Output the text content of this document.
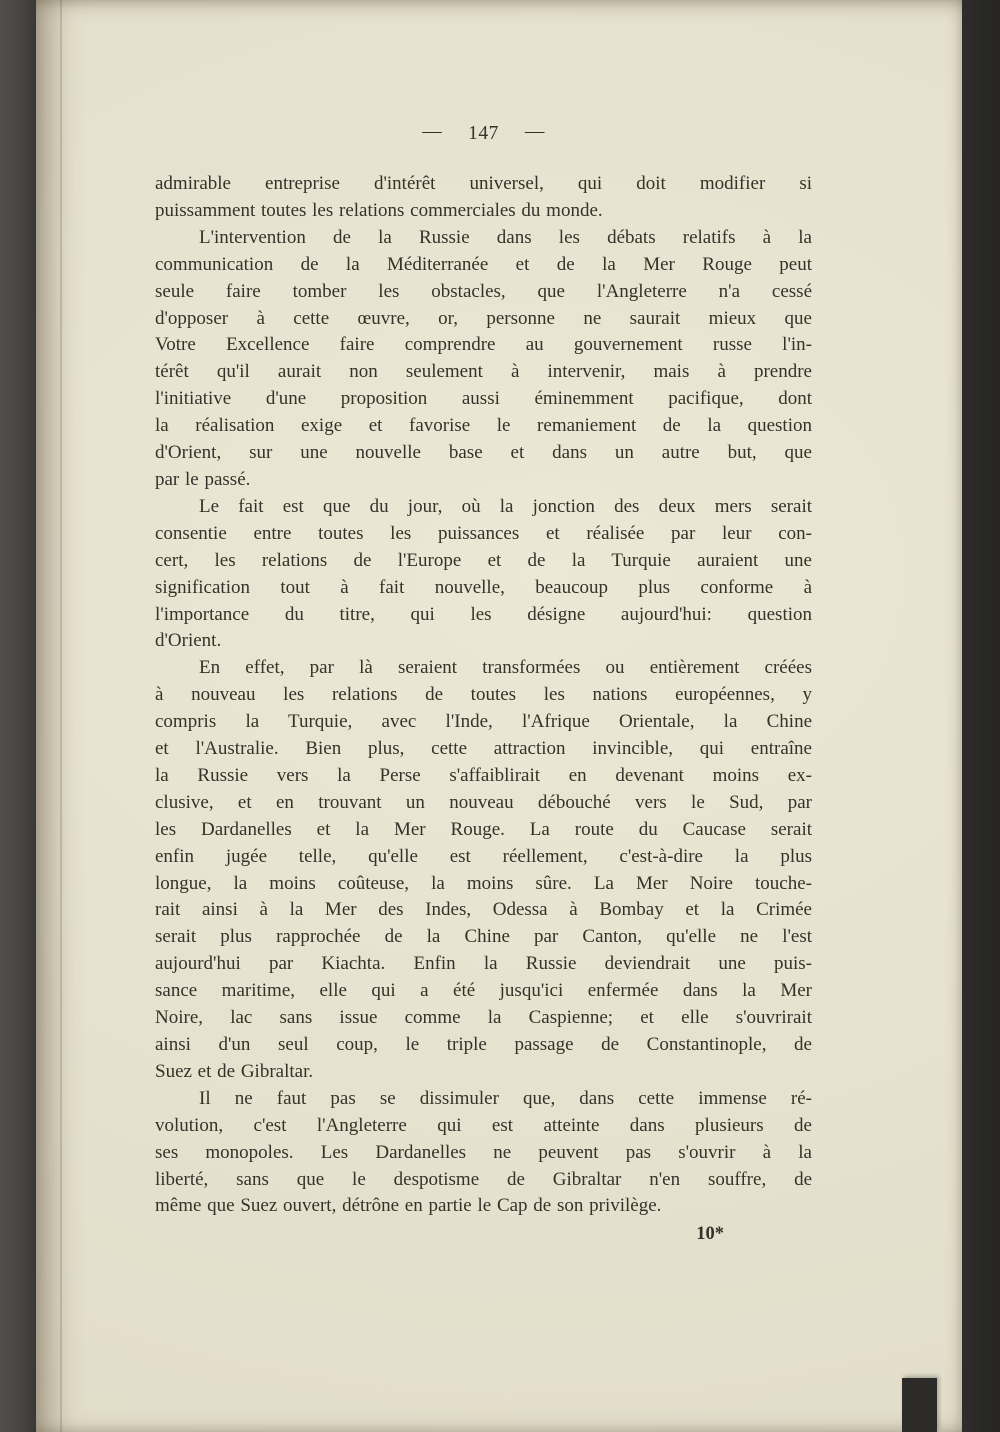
— 147 —
admirable entreprise d'intérêt universel, qui doit modifier si
puissamment toutes les relations commerciales du monde.
L'intervention de la Russie dans les débats relatifs à la
communication de la Méditerranée et de la Mer Rouge peut
seule faire tomber les obstacles, que l'Angleterre n'a cessé
d'opposer à cette œuvre, or, personne ne saurait mieux que
Votre Excellence faire comprendre au gouvernement russe l'in-
térêt qu'il aurait non seulement à intervenir, mais à prendre
l'initiative d'une proposition aussi éminemment pacifique, dont
la réalisation exige et favorise le remaniement de la question
d'Orient, sur une nouvelle base et dans un autre but, que
par le passé.
Le fait est que du jour, où la jonction des deux mers serait
consentie entre toutes les puissances et réalisée par leur con-
cert, les relations de l'Europe et de la Turquie auraient une
signification tout à fait nouvelle, beaucoup plus conforme à
l'importance du titre, qui les désigne aujourd'hui: question
d'Orient.
En effet, par là seraient transformées ou entièrement créées
à nouveau les relations de toutes les nations européennes, y
compris la Turquie, avec l'Inde, l'Afrique Orientale, la Chine
et l'Australie. Bien plus, cette attraction invincible, qui entraîne
la Russie vers la Perse s'affaiblirait en devenant moins ex-
clusive, et en trouvant un nouveau débouché vers le Sud, par
les Dardanelles et la Mer Rouge. La route du Caucase serait
enfin jugée telle, qu'elle est réellement, c'est-à-dire la plus
longue, la moins coûteuse, la moins sûre. La Mer Noire touche-
rait ainsi à la Mer des Indes, Odessa à Bombay et la Crimée
serait plus rapprochée de la Chine par Canton, qu'elle ne l'est
aujourd'hui par Kiachta. Enfin la Russie deviendrait une puis-
sance maritime, elle qui a été jusqu'ici enfermée dans la Mer
Noire, lac sans issue comme la Caspienne; et elle s'ouvrirait
ainsi d'un seul coup, le triple passage de Constantinople, de
Suez et de Gibraltar.
Il ne faut pas se dissimuler que, dans cette immense ré-
volution, c'est l'Angleterre qui est atteinte dans plusieurs de
ses monopoles. Les Dardanelles ne peuvent pas s'ouvrir à la
liberté, sans que le despotisme de Gibraltar n'en souffre, de
même que Suez ouvert, détrône en partie le Cap de son privilège.
10*
